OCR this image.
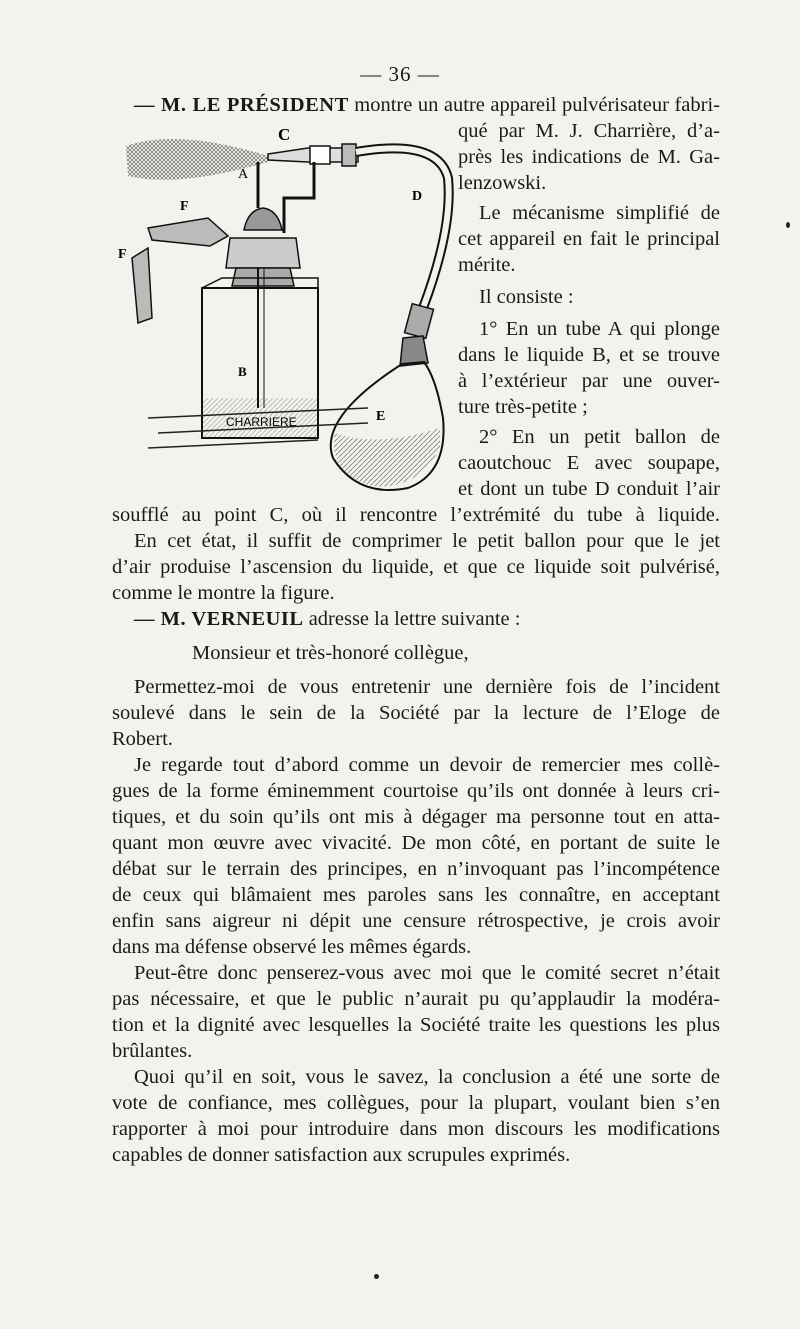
— 36 —
C
A
D
F
F
B
E
CHARRIERE
— M. LE PRÉSIDENT montre un autre appareil pulvérisateur fabri-
qué par M. J. Charrière, d’a-
près les indications de M. Ga-
lenzowski.
Le mécanisme simplifié de
cet appareil en fait le principal
mérite.
Il consiste :
1° En un tube A qui plonge
dans le liquide B, et se trouve
à l’extérieur par une ouver-
ture très-petite ;
2° En un petit ballon de
caoutchouc E avec soupape,
et dont un tube D conduit l’air
soufflé au point C, où il rencontre l’extrémité du tube à liquide.
En cet état, il suffit de comprimer le petit ballon pour que le jet
d’air produise l’ascension du liquide, et que ce liquide soit pulvérisé,
comme le montre la figure.
— M. VERNEUIL adresse la lettre suivante :
Monsieur et très-honoré collègue,
Permettez-moi de vous entretenir une dernière fois de l’incident
soulevé dans le sein de la Société par la lecture de l’Eloge de
Robert.
Je regarde tout d’abord comme un devoir de remercier mes collè-
gues de la forme éminemment courtoise qu’ils ont donnée à leurs cri-
tiques, et du soin qu’ils ont mis à dégager ma personne tout en atta-
quant mon œuvre avec vivacité. De mon côté, en portant de suite le
débat sur le terrain des principes, en n’invoquant pas l’incompétence
de ceux qui blâmaient mes paroles sans les connaître, en acceptant
enfin sans aigreur ni dépit une censure rétrospective, je crois avoir
dans ma défense observé les mêmes égards.
Peut-être donc penserez-vous avec moi que le comité secret n’était
pas nécessaire, et que le public n’aurait pu qu’applaudir la modéra-
tion et la dignité avec lesquelles la Société traite les questions les plus
brûlantes.
Quoi qu’il en soit, vous le savez, la conclusion a été une sorte de
vote de confiance, mes collègues, pour la plupart, voulant bien s’en
rapporter à moi pour introduire dans mon discours les modifications
capables de donner satisfaction aux scrupules exprimés.
